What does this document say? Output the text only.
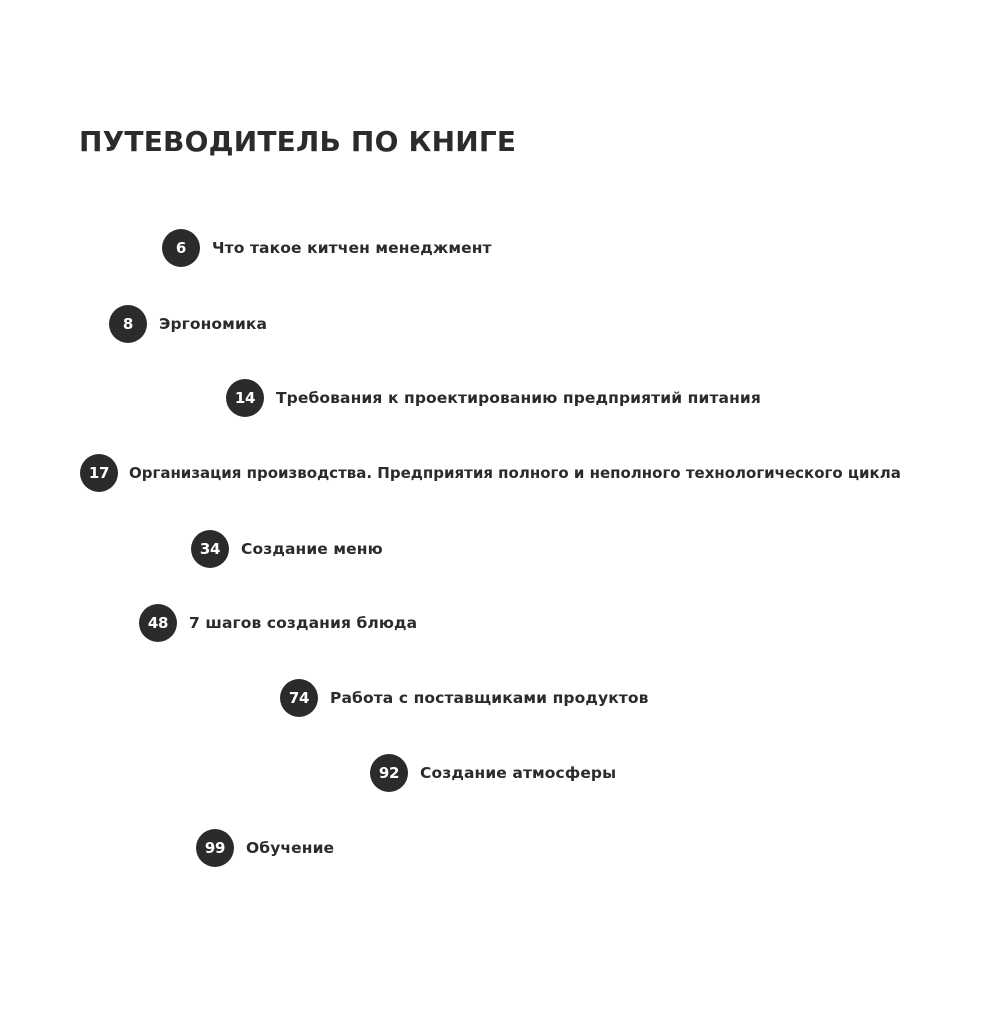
ПУТЕВОДИТЕЛЬ ПО КНИГЕ
6	Что такое китчен менеджмент
8	Эргономика
14	Требования к проектированию предприятий питания
17	Организация производства. Предприятия полного и неполного технологического цикла
34	Создание меню
48	7 шагов создания блюда
74	Работа с поставщиками продуктов
92	Создание атмосферы
99	Обучение
